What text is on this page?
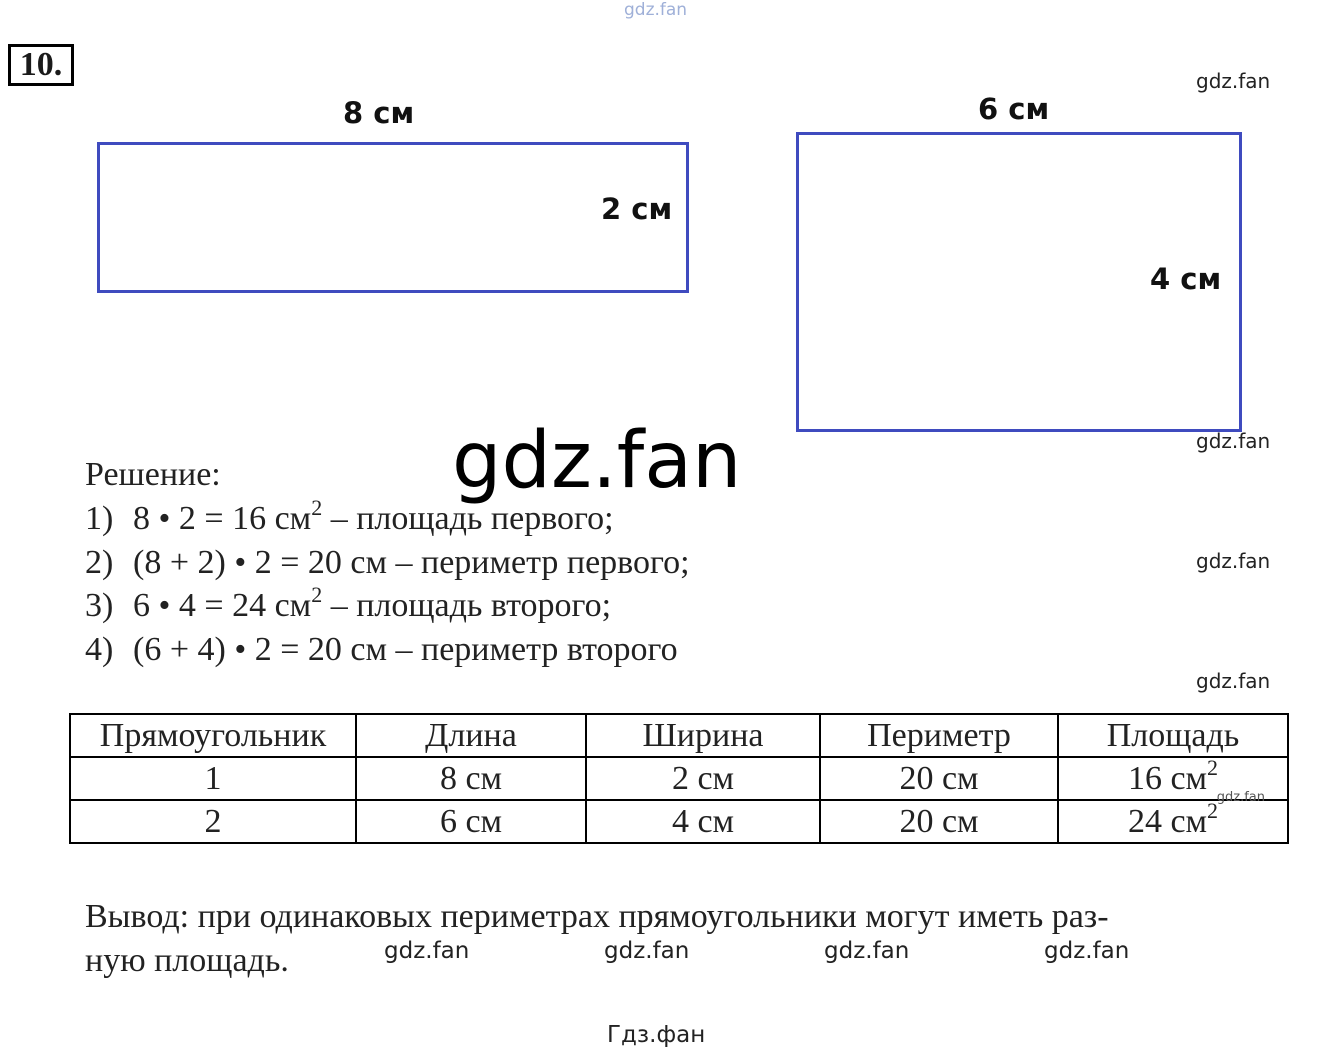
gdz.fan
10.
8 см
2 см
6 см
4 см
gdz.fan
gdz.fan
gdz.fan
gdz.fan
Решение:
1) 8 • 2 = 16 $см^2$ – площадь первого;
2) (8 + 2) • 2 = 20 см – периметр первого;
3) 6 • 4 = 24 $см^2$ – площадь второго;
4) (6 + 4) • 2 = 20 см – периметр второго
gdz.fan
Прямоугольник	Длина	Ширина	Периметр	Площадь
1	8 см	2 см	20 см	16 $см^2$
gdz.fan

2	6 см	4 см	20 см	24 $см^2$
Вывод: при одинаковых периметрах прямоугольники могут иметь раз-
ную площадь.	gdz.fan	gdz.fan	gdz.fan	gdz.fan
Гдз.фан
